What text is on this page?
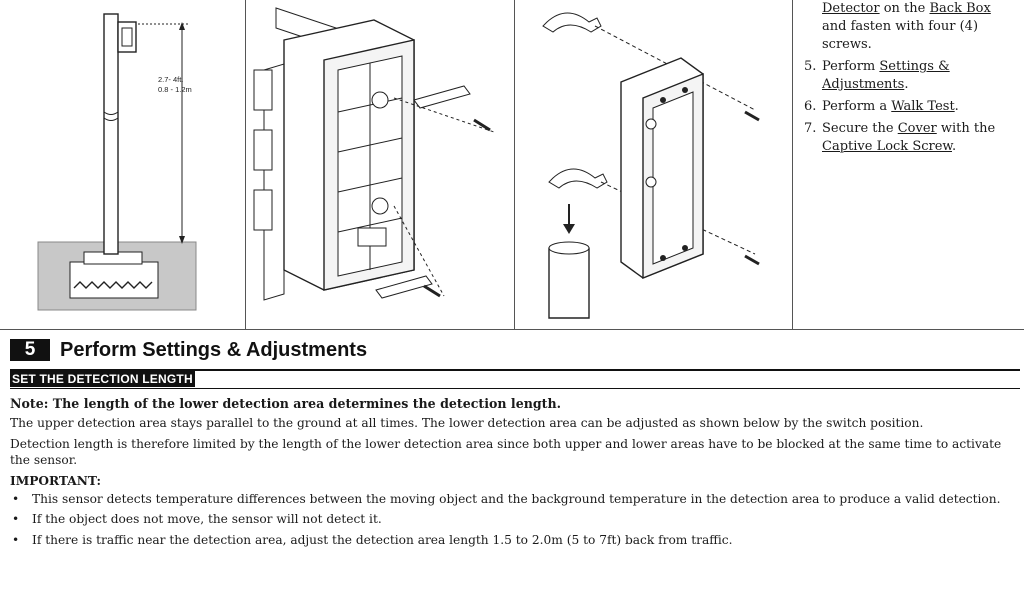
2.7- 4ft.
0.8 - 1.2m
Detector on the Back Box
and fasten with four (4)
screws.
5. Perform Settings &
Adjustments.
6. Perform a Walk Test.
7. Secure the Cover with the
Captive Lock Screw.
5	Perform Settings & Adjustments
SET THE DETECTION LENGTH

Note: The length of the lower detection area determines the detection length.

The upper detection area stays parallel to the ground at all times. The lower detection area can be adjusted as shown below by the switch position.

Detection length is therefore limited by the length of the lower detection area since both upper and lower areas have to be blocked at the same time to activate the sensor.

IMPORTANT:

• This sensor detects temperature differences between the moving object and the background temperature in the detection area to produce a valid detection.
• If the object does not move, the sensor will not detect it.
• If there is traffic near the detection area, adjust the detection area length 1.5 to 2.0m (5 to 7ft) back from traffic.
